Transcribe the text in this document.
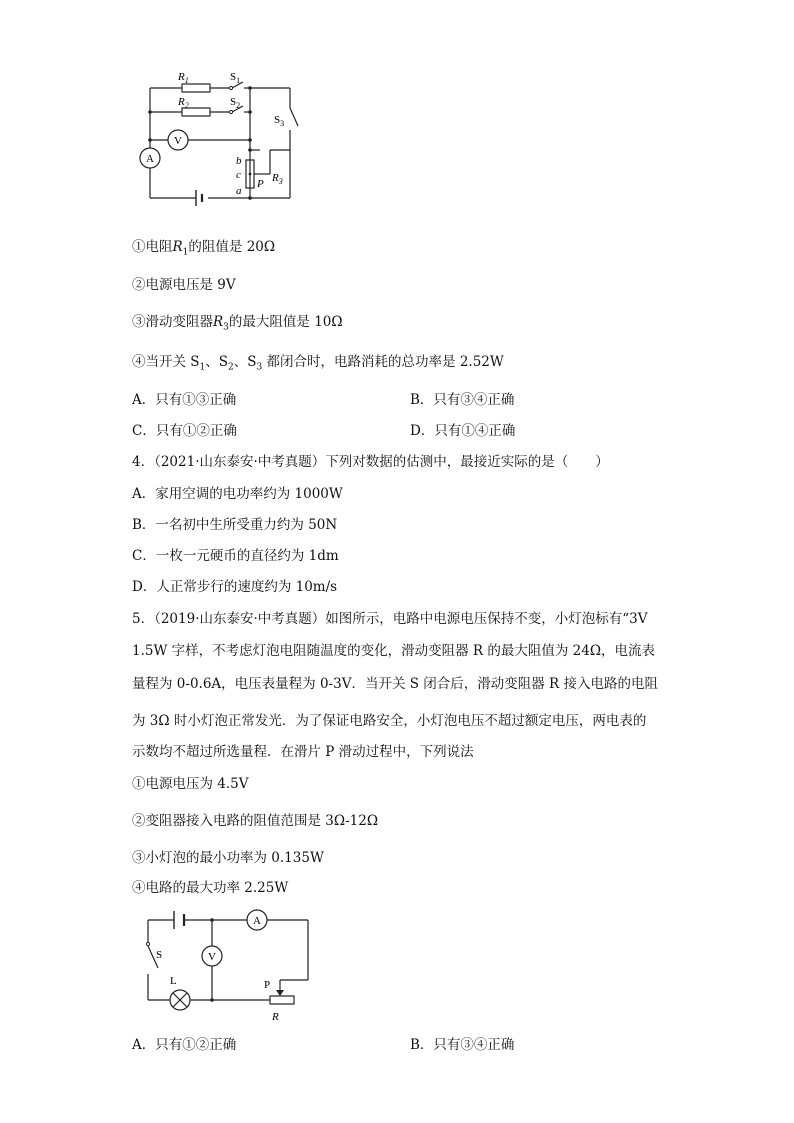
$R_1$
$R_2$
$S_1$
$S_2$
$S_3$
V
A	b
c
a
P $R_3$
①电阻$R_1$的阻值是 20Ω
②电源电压是 9V
③滑动变阻器$R_3$的最大阻值是 10Ω
④当开关 $S_1$、$S_2$、$S_3$ 都闭合时，电路消耗的总功率是 2.52W
A．只有①③正确	B．只有③④正确
C．只有①②正确	D．只有①④正确
4．（2021·山东泰安·中考真题）下列对数据的估测中，最接近实际的是（　　）
A．家用空调的电功率约为 1000W
B．一名初中生所受重力约为 50N
C．一枚一元硬币的直径约为 1dm
D．人正常步行的速度约为 10m/s
5．（2019·山东泰安·中考真题）如图所示，电路中电源电压保持不变，小灯泡标有“3V
1.5W 字样，不考虑灯泡电阻随温度的变化，滑动变阻器 R 的最大阻值为 24Ω，电流表
量程为 0-0.6A，电压表量程为 0-3V．当开关 S 闭合后，滑动变阻器 R 接入电路的电阻
为 3Ω 时小灯泡正常发光．为了保证电路安全，小灯泡电压不超过额定电压，两电表的
示数均不超过所选量程．在滑片 P 滑动过程中，下列说法
①电源电压为 4.5V
②变阻器接入电路的阻值范围是 3Ω-12Ω
③小灯泡的最小功率为 0.135W
④电路的最大功率 2.25W
A
V
S
L	P
R
A．只有①②正确	B．只有③④正确
